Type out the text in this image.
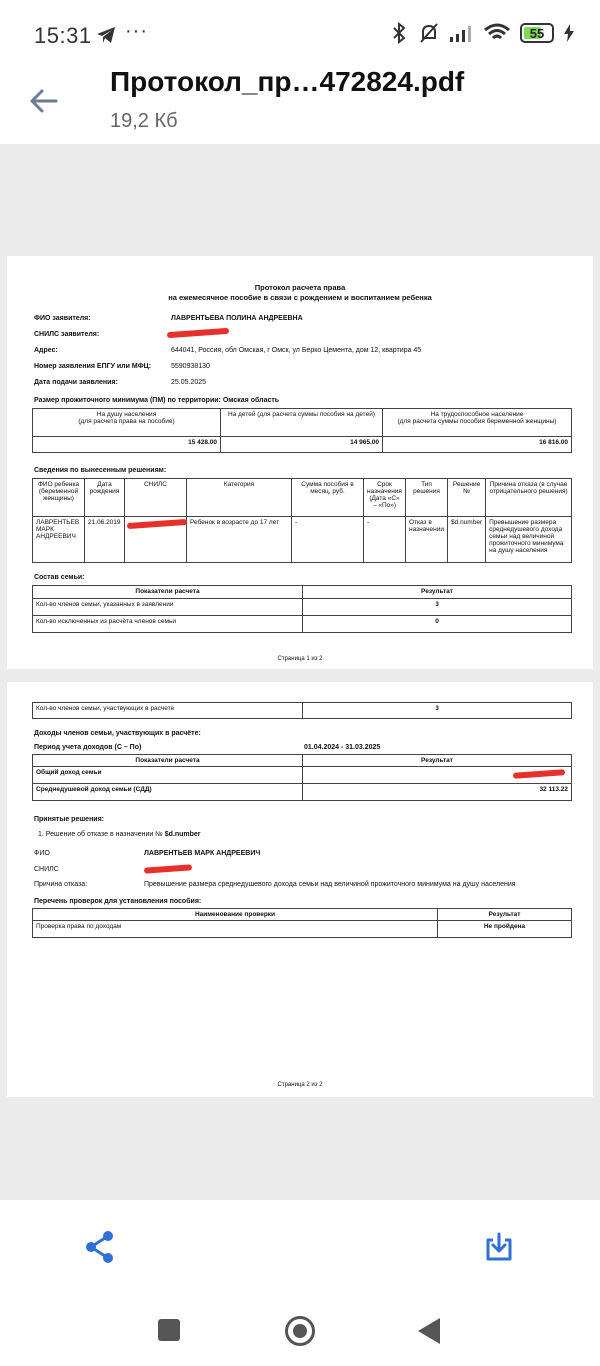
15:31 ···	55
Протокол_пр…472824.pdf
19,2 Кб
Протокол расчета права
на ежемесячное пособие в связи с рождением и воспитанием ребенка
ФИО заявителя:	ЛАВРЕНТЬЕВА ПОЛИНА АНДРЕЕВНА
СНИЛС заявителя:
Адрес:	644041, Россия, обл Омская, г Омск, ул Берко Цемента, дом 12, квартира 45
Номер заявления ЕПГУ или МФЦ:	5590938130
Дата подачи заявления:	25.05.2025
Размер прожиточного минимума (ПМ) по территории: Омская область
На душу населения
(для расчета права на пособие)	На детей (для расчета суммы пособия на детей)	На трудоспособное население
(для расчета суммы пособия беременной женщины)
15 428.00	14 965.00	16 816.00
Сведения по вынесенным решениям:
ФИО ребенка (беременной женщины)	Дата рождения	СНИЛС	Категория	Сумма пособия в месяц, руб.	Срок назначения (Дата «С» – «По»)	Тип решения	Решение №	Причина отказа (в случае отрицательного решения)
ЛАВРЕНТЬЕВ МАРК АНДРЕЕВИЧ	21.06.2019		Ребенок в возрасте до 17 лет	-	-	Отказ в назначении	$d.number	Превышение размера среднедушевого дохода семьи над величиной прожиточного минимума на душу населения
Состав семьи:
Показатели расчета	Результат
Кол-во членов семьи, указанных в заявлении	3
Кол-во исключенных из расчёта членов семьи	0
Страница 1 из 2
Кол-во членов семьи, участвующих в расчете	3
Доходы членов семьи, участвующих в расчёте:
Период учета доходов (С – По)	01.04.2024 - 31.03.2025
Показатели расчета	Результат
Общий доход семьи	

Среднедушевой доход семьи (СДД)	32 113.22
Принятые решения:
1. Решение об отказе в назначении № $d.number
ФИО	ЛАВРЕНТЬЕВ МАРК АНДРЕЕВИЧ
СНИЛС
Причина отказа:	Превышение размера среднедушевого дохода семьи над величиной прожиточного минимума на душу населения
Перечень проверок для установления пособия:
Наименование проверки	Результат
Проверка права по доходам	Не пройдена
Страница 2 из 2
